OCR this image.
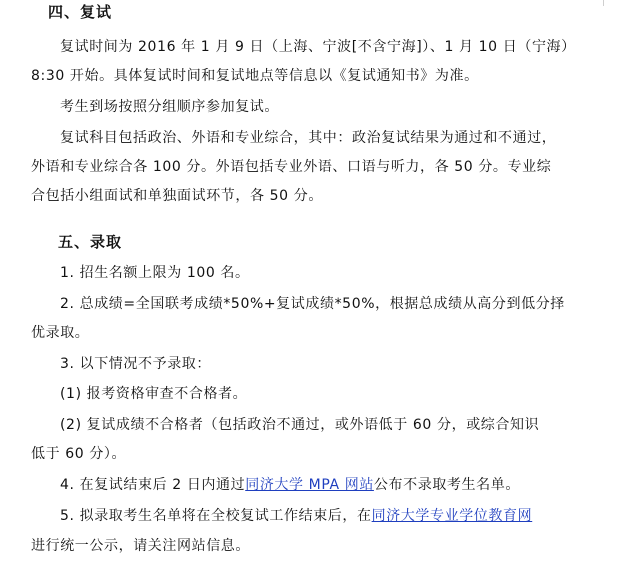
四、复试
复试时间为 2016 年 1 月 9 日（上海、宁波[不含宁海]）、1 月 10 日（宁海）
8:30 开始。具体复试时间和复试地点等信息以《复试通知书》为准。
考生到场按照分组顺序参加复试。
复试科目包括政治、外语和专业综合，其中：政治复试结果为通过和不通过，
外语和专业综合各 100 分。外语包括专业外语、口语与听力，各 50 分。专业综
合包括小组面试和单独面试环节，各 50 分。
五、录取
1. 招生名额上限为 100 名。
2. 总成绩=全国联考成绩*50%+复试成绩*50%，根据总成绩从高分到低分择
优录取。
3. 以下情况不予录取：
(1) 报考资格审查不合格者。
(2) 复试成绩不合格者（包括政治不通过，或外语低于 60 分，或综合知识
低于 60 分）。
4. 在复试结束后 2 日内通过同济大学 MPA 网站公布不录取考生名单。
5. 拟录取考生名单将在全校复试工作结束后，在同济大学专业学位教育网
进行统一公示，请关注网站信息。
